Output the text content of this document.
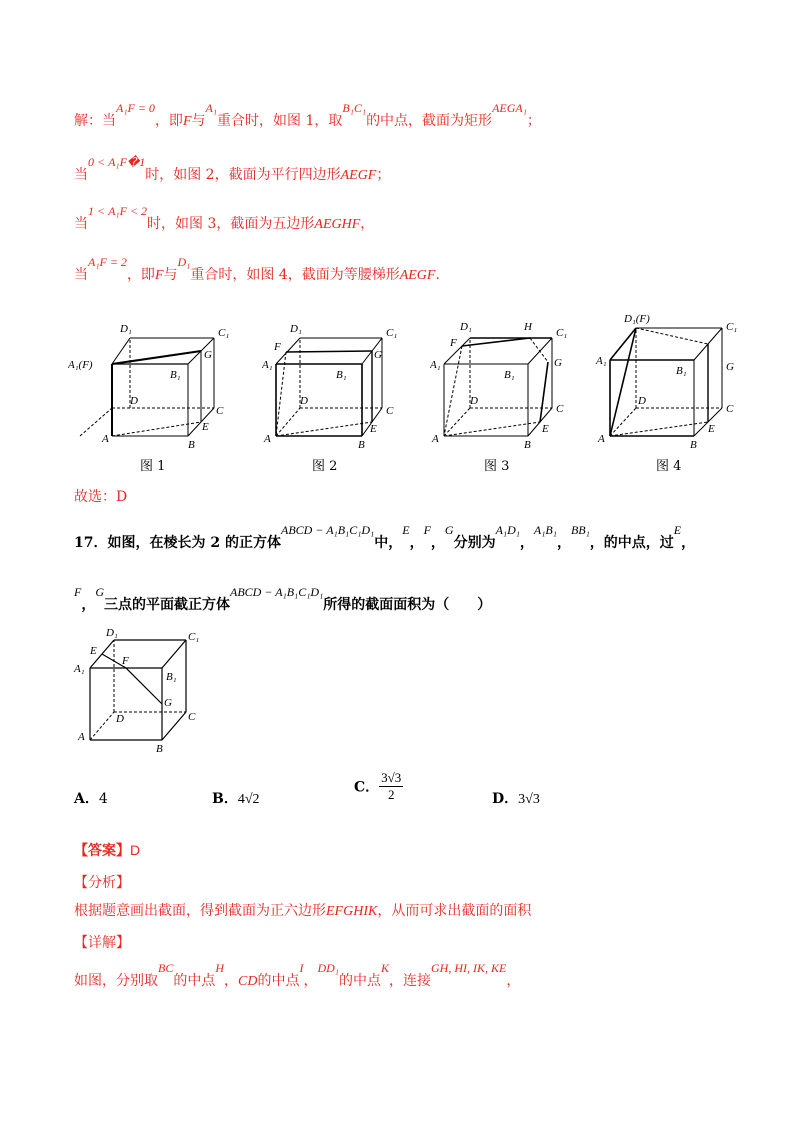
解：当A₁F = 0，即F与A₁重合时，如图 1，取B₁C₁的中点，截面为矩形AEGA₁；
当0 < A₁F�1时，如图 2，截面为平行四边形AEGF；
当1 < A₁F < 2时，如图 3，截面为五边形AEGHF，
当A₁F = 2，即F与D₁重合时，如图 4，截面为等腰梯形AEGF.
D₁	C₁
A₁(F)
G
B₁
D
C
E
A	B
图 1
D₁	C₁
F
A₁
G
B₁
D
C
E
A	B
图 2
D₁	H C₁
F
A₁	G
B₁
D
C
E
A	B
图 3
D₁(F)
C₁
A₁	G
B₁
D
C
E
A	B
图 4
故选：D
17．如图，在棱长为 2 的正方体ABCD − A₁B₁C₁D₁中，E，F，G分别为A₁D₁，A₁B₁，BB₁，的中点，过E，
F，G三点的平面截正方体ABCD − A₁B₁C₁D₁所得的截面面积为（　　）
D₁	C₁
E
F
A₁
B₁
G
D	C
A
B
A．4	B．4√2
C． $\frac{3√3}{2}$	D．3√3
【答案】D
【分析】
根据题意画出截面，得到截面为正六边形EFGHIK，从而可求出截面的面积
【详解】
如图，分别取BC的中点H，CD的中点I，DD₁的中点K，连接GH, HI, IK, KE，
